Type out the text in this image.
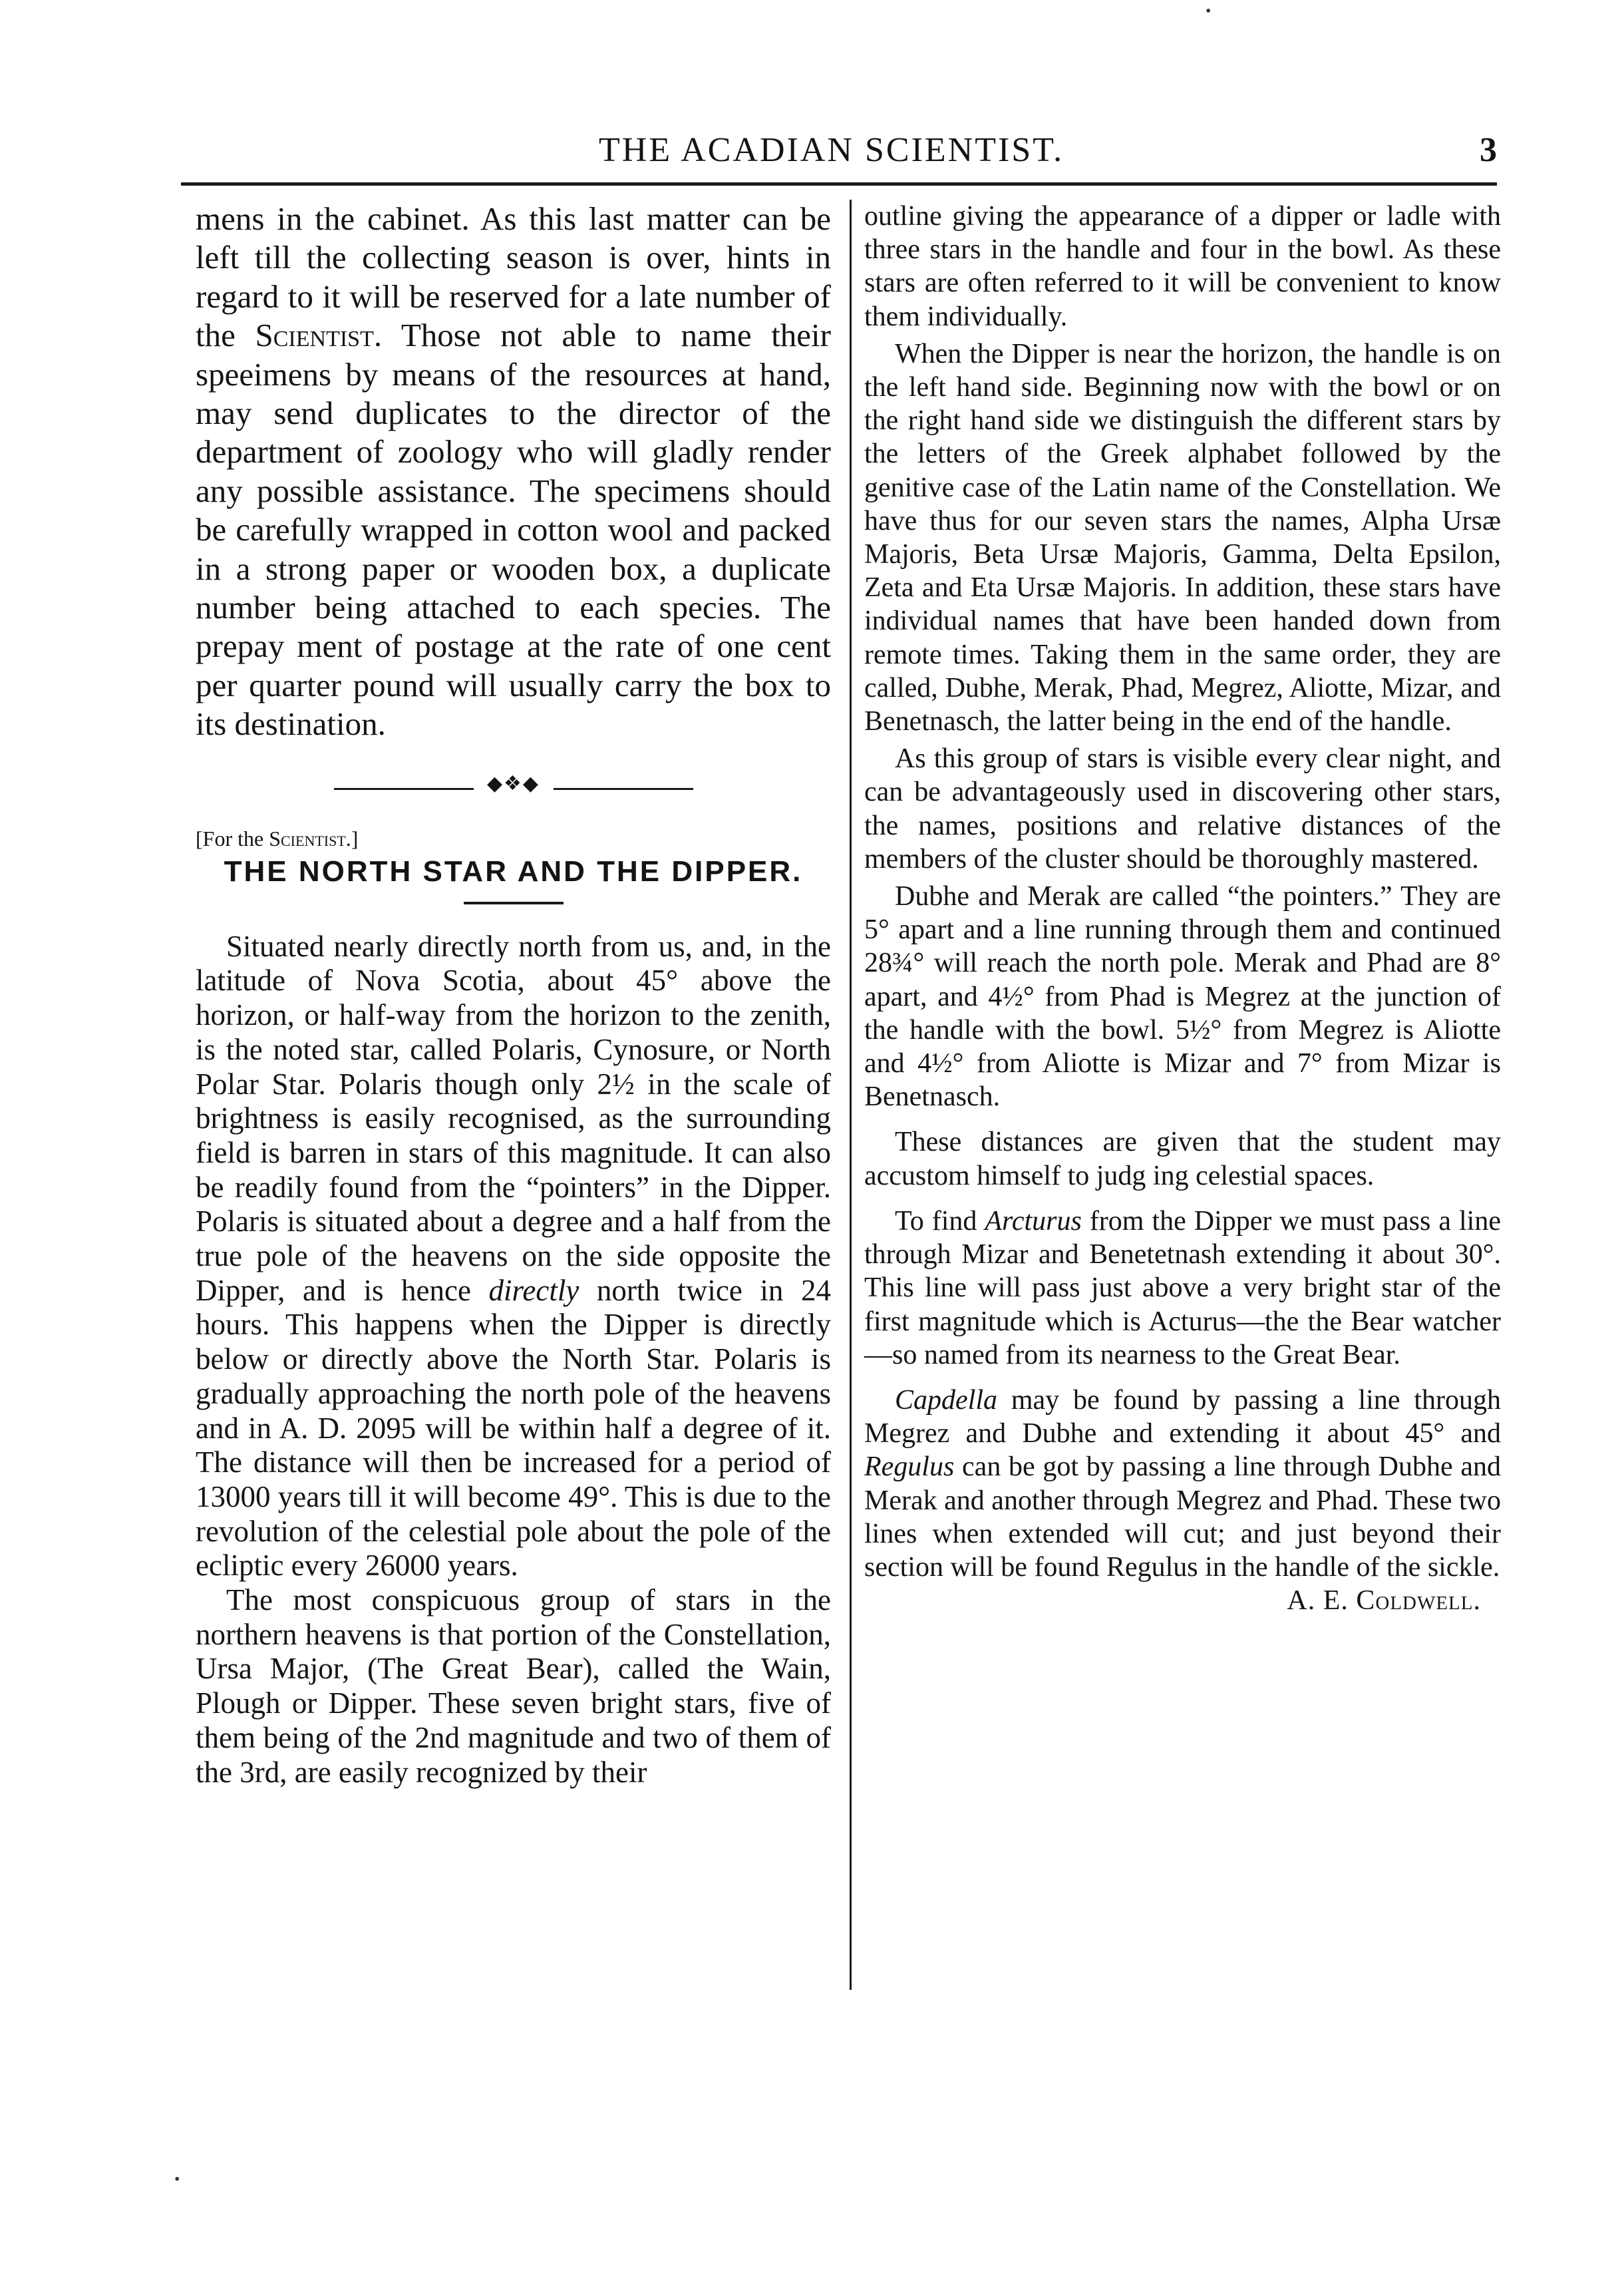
THE ACADIAN SCIENTIST.	3

mens in the cabinet. As this last matter can be left till the collecting season is over, hints in regard to it will be reserved for a late number of the Scientist. Those not able to name their speeimens by means of the resources at hand, may send duplicates to the director of the department of zoology who will gladly render any possible assistance. The specimens should be carefully wrapped in cotton wool and packed in a strong paper or wooden box, a duplicate number being attached to each species. The prepay ment of postage at the rate of one cent per quarter pound will usually carry the box to its destination.

◆❖◆

[For the Scientist.]

THE NORTH STAR AND THE DIPPER.

Situated nearly directly north from us, and, in the latitude of Nova Scotia, about 45° above the horizon, or half-way from the horizon to the zenith, is the noted star, called Polaris, Cynosure, or North Polar Star. Polaris though only 2½ in the scale of brightness is easily recognised, as the surrounding field is barren in stars of this magnitude. It can also be readily found from the “pointers” in the Dipper. Polaris is situated about a degree and a half from the true pole of the heavens on the side opposite the Dipper, and is hence directly north twice in 24 hours. This happens when the Dipper is directly below or directly above the North Star. Polaris is gradually approaching the north pole of the heavens and in A. D. 2095 will be within half a degree of it. The distance will then be increased for a period of 13000 years till it will become 49°. This is due to the revolution of the celestial pole about the pole of the ecliptic every 26000 years.

The most conspicuous group of stars in the northern heavens is that portion of the Constellation, Ursa Major, (The Great Bear), called the Wain, Plough or Dipper. These seven bright stars, five of them being of the 2nd magnitude and two of them of the 3rd, are easily recognized by their

outline giving the appearance of a dipper or ladle with three stars in the handle and four in the bowl. As these stars are often referred to it will be convenient to know them individually.

When the Dipper is near the horizon, the handle is on the left hand side. Beginning now with the bowl or on the right hand side we distinguish the different stars by the letters of the Greek alphabet followed by the genitive case of the Latin name of the Constellation. We have thus for our seven stars the names, Alpha Ursæ Majoris, Beta Ursæ Majoris, Gamma, Delta Epsilon, Zeta and Eta Ursæ Majoris. In addition, these stars have individual names that have been handed down from remote times. Taking them in the same order, they are called, Dubhe, Merak, Phad, Megrez, Aliotte, Mizar, and Benetnasch, the latter being in the end of the handle.

As this group of stars is visible every clear night, and can be advantageously used in discovering other stars, the names, positions and relative distances of the members of the cluster should be thoroughly mastered.

Dubhe and Merak are called “the pointers.” They are 5° apart and a line running through them and continued 28¾° will reach the north pole. Merak and Phad are 8° apart, and 4½° from Phad is Megrez at the junction of the handle with the bowl. 5½° from Megrez is Aliotte and 4½° from Aliotte is Mizar and 7° from Mizar is Benetnasch.

These distances are given that the student may accustom himself to judg ing celestial spaces.

To find Arcturus from the Dipper we must pass a line through Mizar and Benetetnash extending it about 30°. This line will pass just above a very bright star of the first magnitude which is Acturus—the the Bear watcher—so named from its nearness to the Great Bear.

Capdella may be found by passing a line through Megrez and Dubhe and extending it about 45° and Regulus can be got by passing a line through Dubhe and Merak and another through Megrez and Phad. These two lines when extended will cut; and just beyond their section will be found Regulus in the handle of the sickle.
A. E. Coldwell.

•
•
